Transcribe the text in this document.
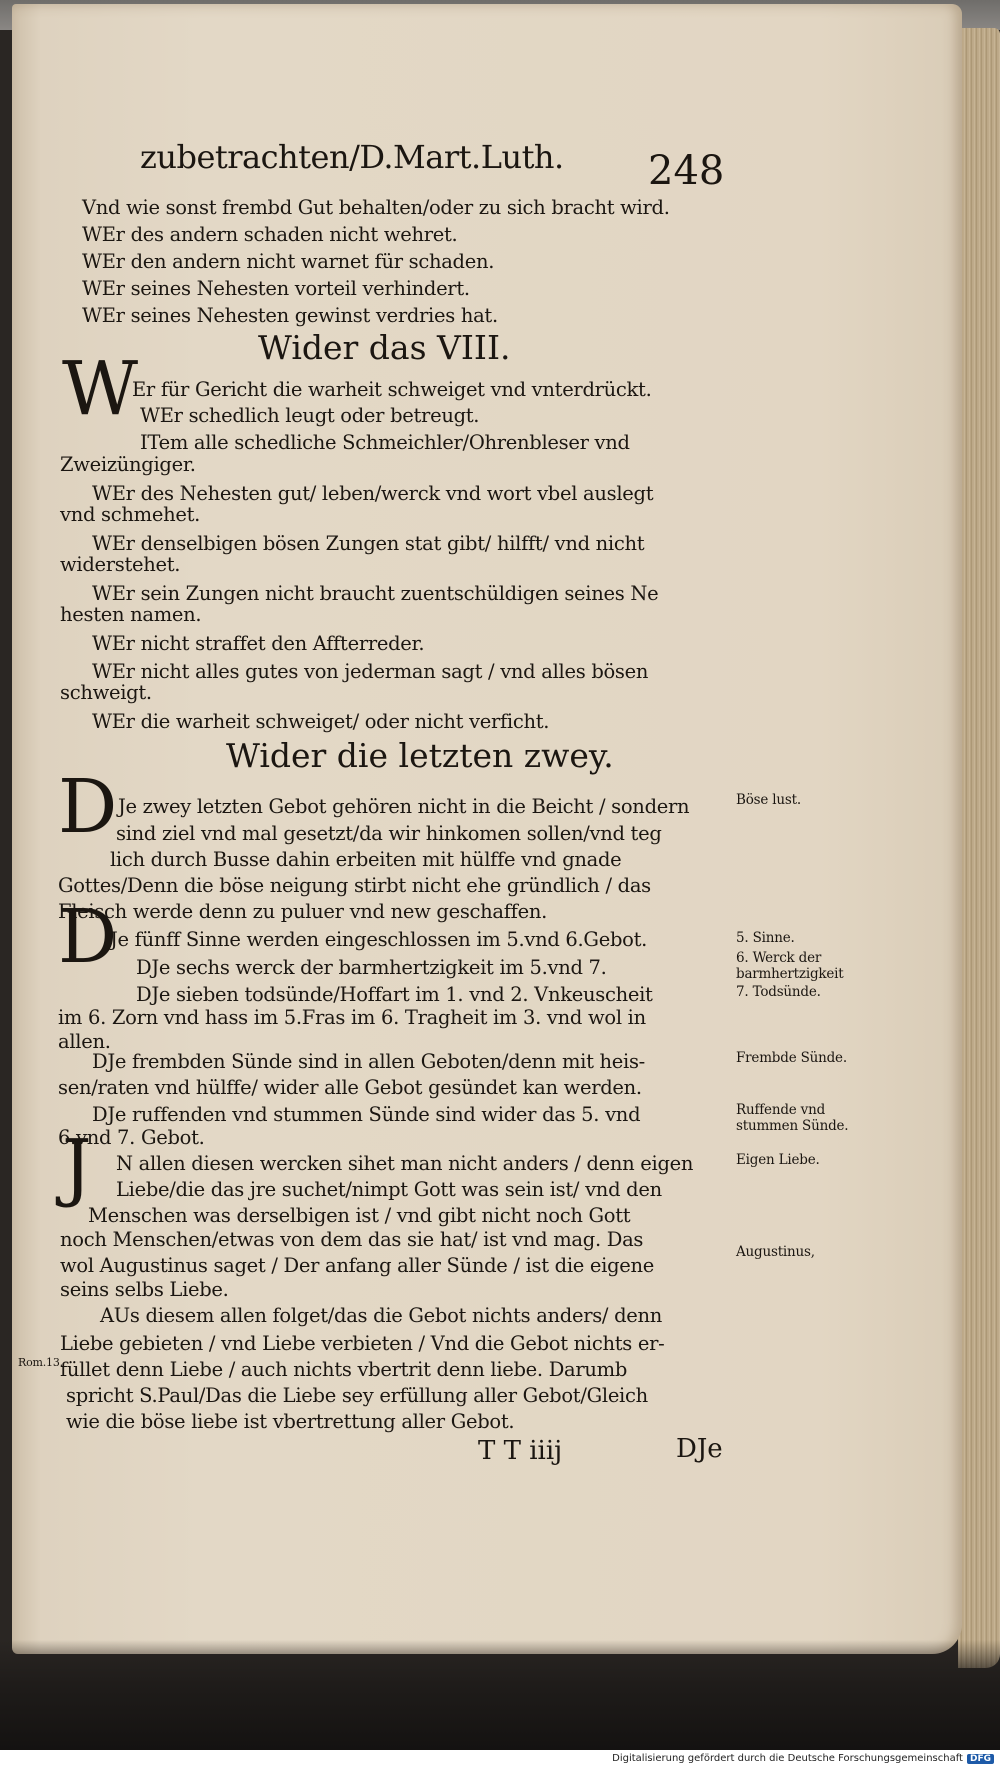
zubetrachten/D.Mart.Luth. 248
Vnd wie sonst frembd Gut behalten/oder zu sich bracht wird.
WEr des andern schaden nicht wehret.
WEr den andern nicht warnet für schaden.
WEr seines Nehesten vorteil verhindert.
WEr seines Nehesten gewinst verdries hat.
Wider das VIII.
W
Er für Gericht die warheit schweiget vnd vnterdrückt.
WEr schedlich leugt oder betreugt.
ITem alle schedliche Schmeichler/Ohrenbleser vnd
Zweizüngiger.
WEr des Nehesten gut/ leben/werck vnd wort vbel auslegt
vnd schmehet.
WEr denselbigen bösen Zungen stat gibt/ hilfft/ vnd nicht
widerstehet.
WEr sein Zungen nicht braucht zuentschüldigen seines Ne
hesten namen.
WEr nicht straffet den Affterreder.
WEr nicht alles gutes von jederman sagt / vnd alles bösen
schweigt.
WEr die warheit schweiget/ oder nicht verficht.
Wider die letzten zwey.
D Je zwey letzten Gebot gehören nicht in die Beicht / sondern
sind ziel vnd mal gesetzt/da wir hinkomen sollen/vnd teg
lich durch Busse dahin erbeiten mit hülffe vnd gnade
Gottes/Denn die böse neigung stirbt nicht ehe gründlich / das
Fleisch werde denn zu puluer vnd new geschaffen.
D
Je fünff Sinne werden eingeschlossen im 5.vnd 6.Gebot.
DJe sechs werck der barmhertzigkeit im 5.vnd 7.
DJe sieben todsünde/Hoffart im 1. vnd 2. Vnkeuscheit
im 6. Zorn vnd hass im 5.Fras im 6. Tragheit im 3. vnd wol in
allen.
DJe frembden Sünde sind in allen Geboten/denn mit heis-
sen/raten vnd hülffe/ wider alle Gebot gesündet kan werden.
DJe ruffenden vnd stummen Sünde sind wider das 5. vnd
6.vnd 7. Gebot.
J N allen diesen wercken sihet man nicht anders / denn eigen
Liebe/die das jre suchet/nimpt Gott was sein ist/ vnd den
Menschen was derselbigen ist / vnd gibt nicht noch Gott
noch Menschen/etwas von dem das sie hat/ ist vnd mag. Das
wol Augustinus saget / Der anfang aller Sünde / ist die eigene
seins selbs Liebe.
AUs diesem allen folget/das die Gebot nichts anders/ denn
Liebe gebieten / vnd Liebe verbieten / Vnd die Gebot nichts er-
füllet denn Liebe / auch nichts vbertrit denn liebe. Darumb
spricht S.Paul/Das die Liebe sey erfüllung aller Gebot/Gleich
wie die böse liebe ist vbertrettung aller Gebot.
T T iiij	DJe
Böse lust.
5. Sinne.
6. Werck der
barmhertzigkeit
7. Todsünde.
Frembde Sünde.
Ruffende vnd
stummen Sünde.
Eigen Liebe.
Augustinus,
Rom.13.
Digitalisierung gefördert durch die Deutsche Forschungsgemeinschaft DFG
